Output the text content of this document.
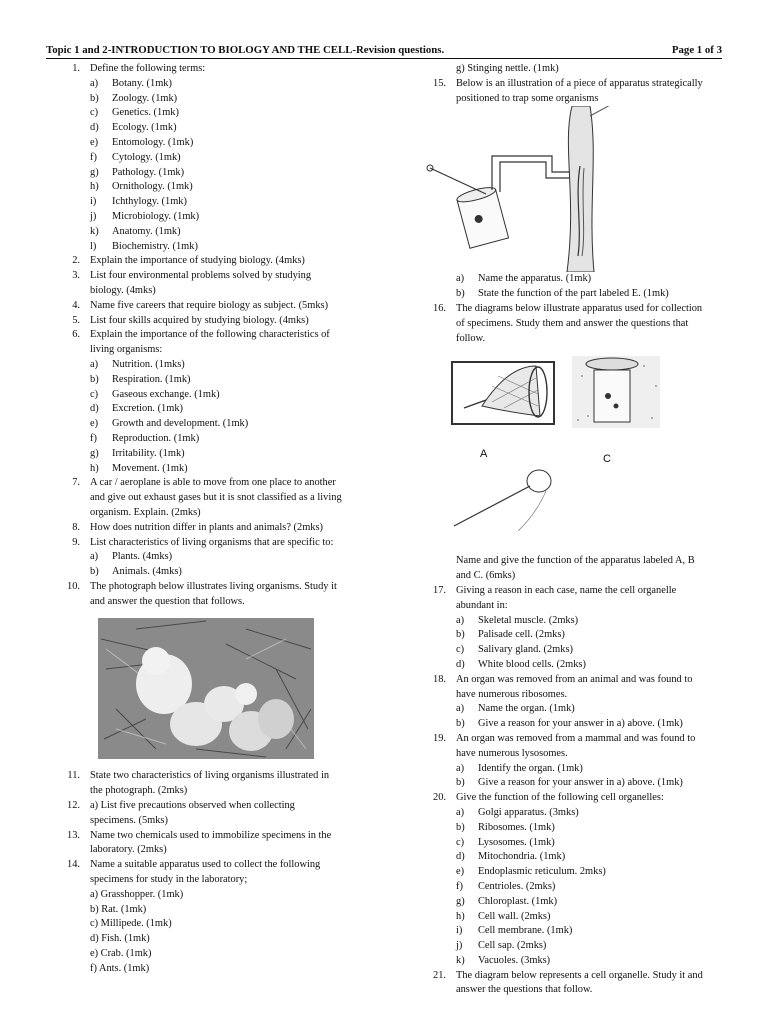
Topic 1 and 2-INTRODUCTION TO BIOLOGY AND THE CELL-Revision questions.	Page 1 of 3
1. Define the following terms:
a) Botany. (1mk)
b) Zoology. (1mk)
c) Genetics. (1mk)
d) Ecology. (1mk)
e) Entomology. (1mk)
f) Cytology. (1mk)
g) Pathology. (1mk)
h) Ornithology. (1mk)
i) Ichthylogy. (1mk)
j) Microbiology. (1mk)
k) Anatomy. (1mk)
l) Biochemistry. (1mk)
2. Explain the importance of studying biology. (4mks)
3. List four environmental problems solved by studying
biology. (4mks)
4. Name five careers that require biology as subject. (5mks)
5. List four skills acquired by studying biology. (4mks)
6. Explain the importance of the following characteristics of
living organisms:
a) Nutrition. (1mks)
b) Respiration. (1mk)
c) Gaseous exchange. (1mk)
d) Excretion. (1mk)
e) Growth and development. (1mk)
f) Reproduction. (1mk)
g) Irritability. (1mk)
h) Movement. (1mk)
7. A car / aeroplane is able to move from one place to another
and give out exhaust gases but it is snot classified as a living
organism. Explain. (2mks)
8. How does nutrition differ in plants and animals? (2mks)
9. List characteristics of living organisms that are specific to:
a) Plants. (4mks)
b) Animals. (4mks)
10. The photograph below illustrates living organisms. Study it
and answer the question that follows.
11. State two characteristics of living organisms illustrated in
the photograph. (2mks)
12. a) List five precautions observed when collecting
specimens. (5mks)
13. Name two chemicals used to immobilize specimens in the
laboratory. (2mks)
14. Name a suitable apparatus used to collect the following
specimens for study in the laboratory;
a) Grasshopper. (1mk)
b) Rat. (1mk)
c) Millipede. (1mk)
d) Fish. (1mk)
e) Crab. (1mk)
f) Ants. (1mk)
g) Stinging nettle. (1mk)
15. Below is an illustration of a piece of apparatus strategically
positioned to trap some organisms
a) Name the apparatus. (1mk)
b) State the function of the part labeled E. (1mk)
16. The diagrams below illustrate apparatus used for collection
of specimens. Study them and answer the questions that
follow.
A	C
Name and give the function of the apparatus labeled A, B
and C. (6mks)
17. Giving a reason in each case, name the cell organelle
abundant in:
a) Skeletal muscle. (2mks)
b) Palisade cell. (2mks)
c) Salivary gland. (2mks)
d) White blood cells. (2mks)
18. An organ was removed from an animal and was found to
have numerous ribosomes.
a) Name the organ. (1mk)
b) Give a reason for your answer in a) above. (1mk)
19. An organ was removed from a mammal and was found to
have numerous lysosomes.
a) Identify the organ. (1mk)
b) Give a reason for your answer in a) above. (1mk)
20. Give the function of the following cell organelles:
a) Golgi apparatus. (3mks)
b) Ribosomes. (1mk)
c) Lysosomes. (1mk)
d) Mitochondria. (1mk)
e) Endoplasmic reticulum. 2mks)
f) Centrioles. (2mks)
g) Chloroplast. (1mk)
h) Cell wall. (2mks)
i) Cell membrane. (1mk)
j) Cell sap. (2mks)
k) Vacuoles. (3mks)
21. The diagram below represents a cell organelle. Study it and
answer the questions that follow.
